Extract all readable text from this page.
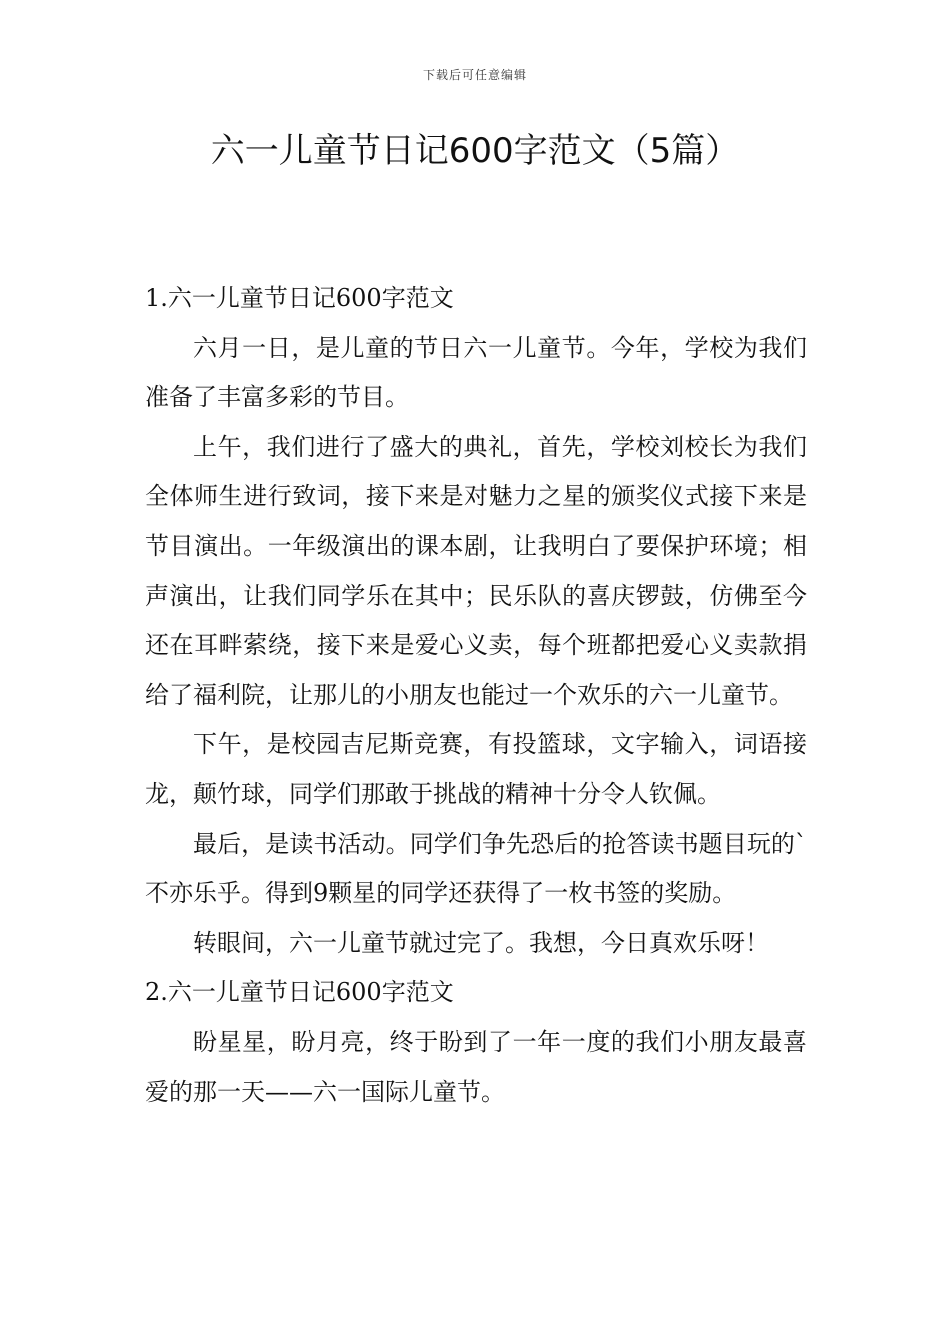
下载后可任意编辑
六一儿童节日记600字范文（5篇）

1.六一儿童节日记600字范文

六月一日，是儿童的节日六一儿童节。今年，学校为我们准备了丰富多彩的节目。

上午，我们进行了盛大的典礼，首先，学校刘校长为我们全体师生进行致词，接下来是对魅力之星的颁奖仪式接下来是节目演出。一年级演出的课本剧，让我明白了要保护环境；相声演出，让我们同学乐在其中；民乐队的喜庆锣鼓，仿佛至今还在耳畔萦绕，接下来是爱心义卖，每个班都把爱心义卖款捐给了福利院，让那儿的小朋友也能过一个欢乐的六一儿童节。

下午，是校园吉尼斯竞赛，有投篮球，文字输入，词语接龙，颠竹球，同学们那敢于挑战的精神十分令人钦佩。

最后，是读书活动。同学们争先恐后的抢答读书题目玩的`不亦乐乎。得到9颗星的同学还获得了一枚书签的奖励。

转眼间，六一儿童节就过完了。我想，今日真欢乐呀！

2.六一儿童节日记600字范文

盼星星，盼月亮，终于盼到了一年一度的我们小朋友最喜爱的那一天——六一国际儿童节。
